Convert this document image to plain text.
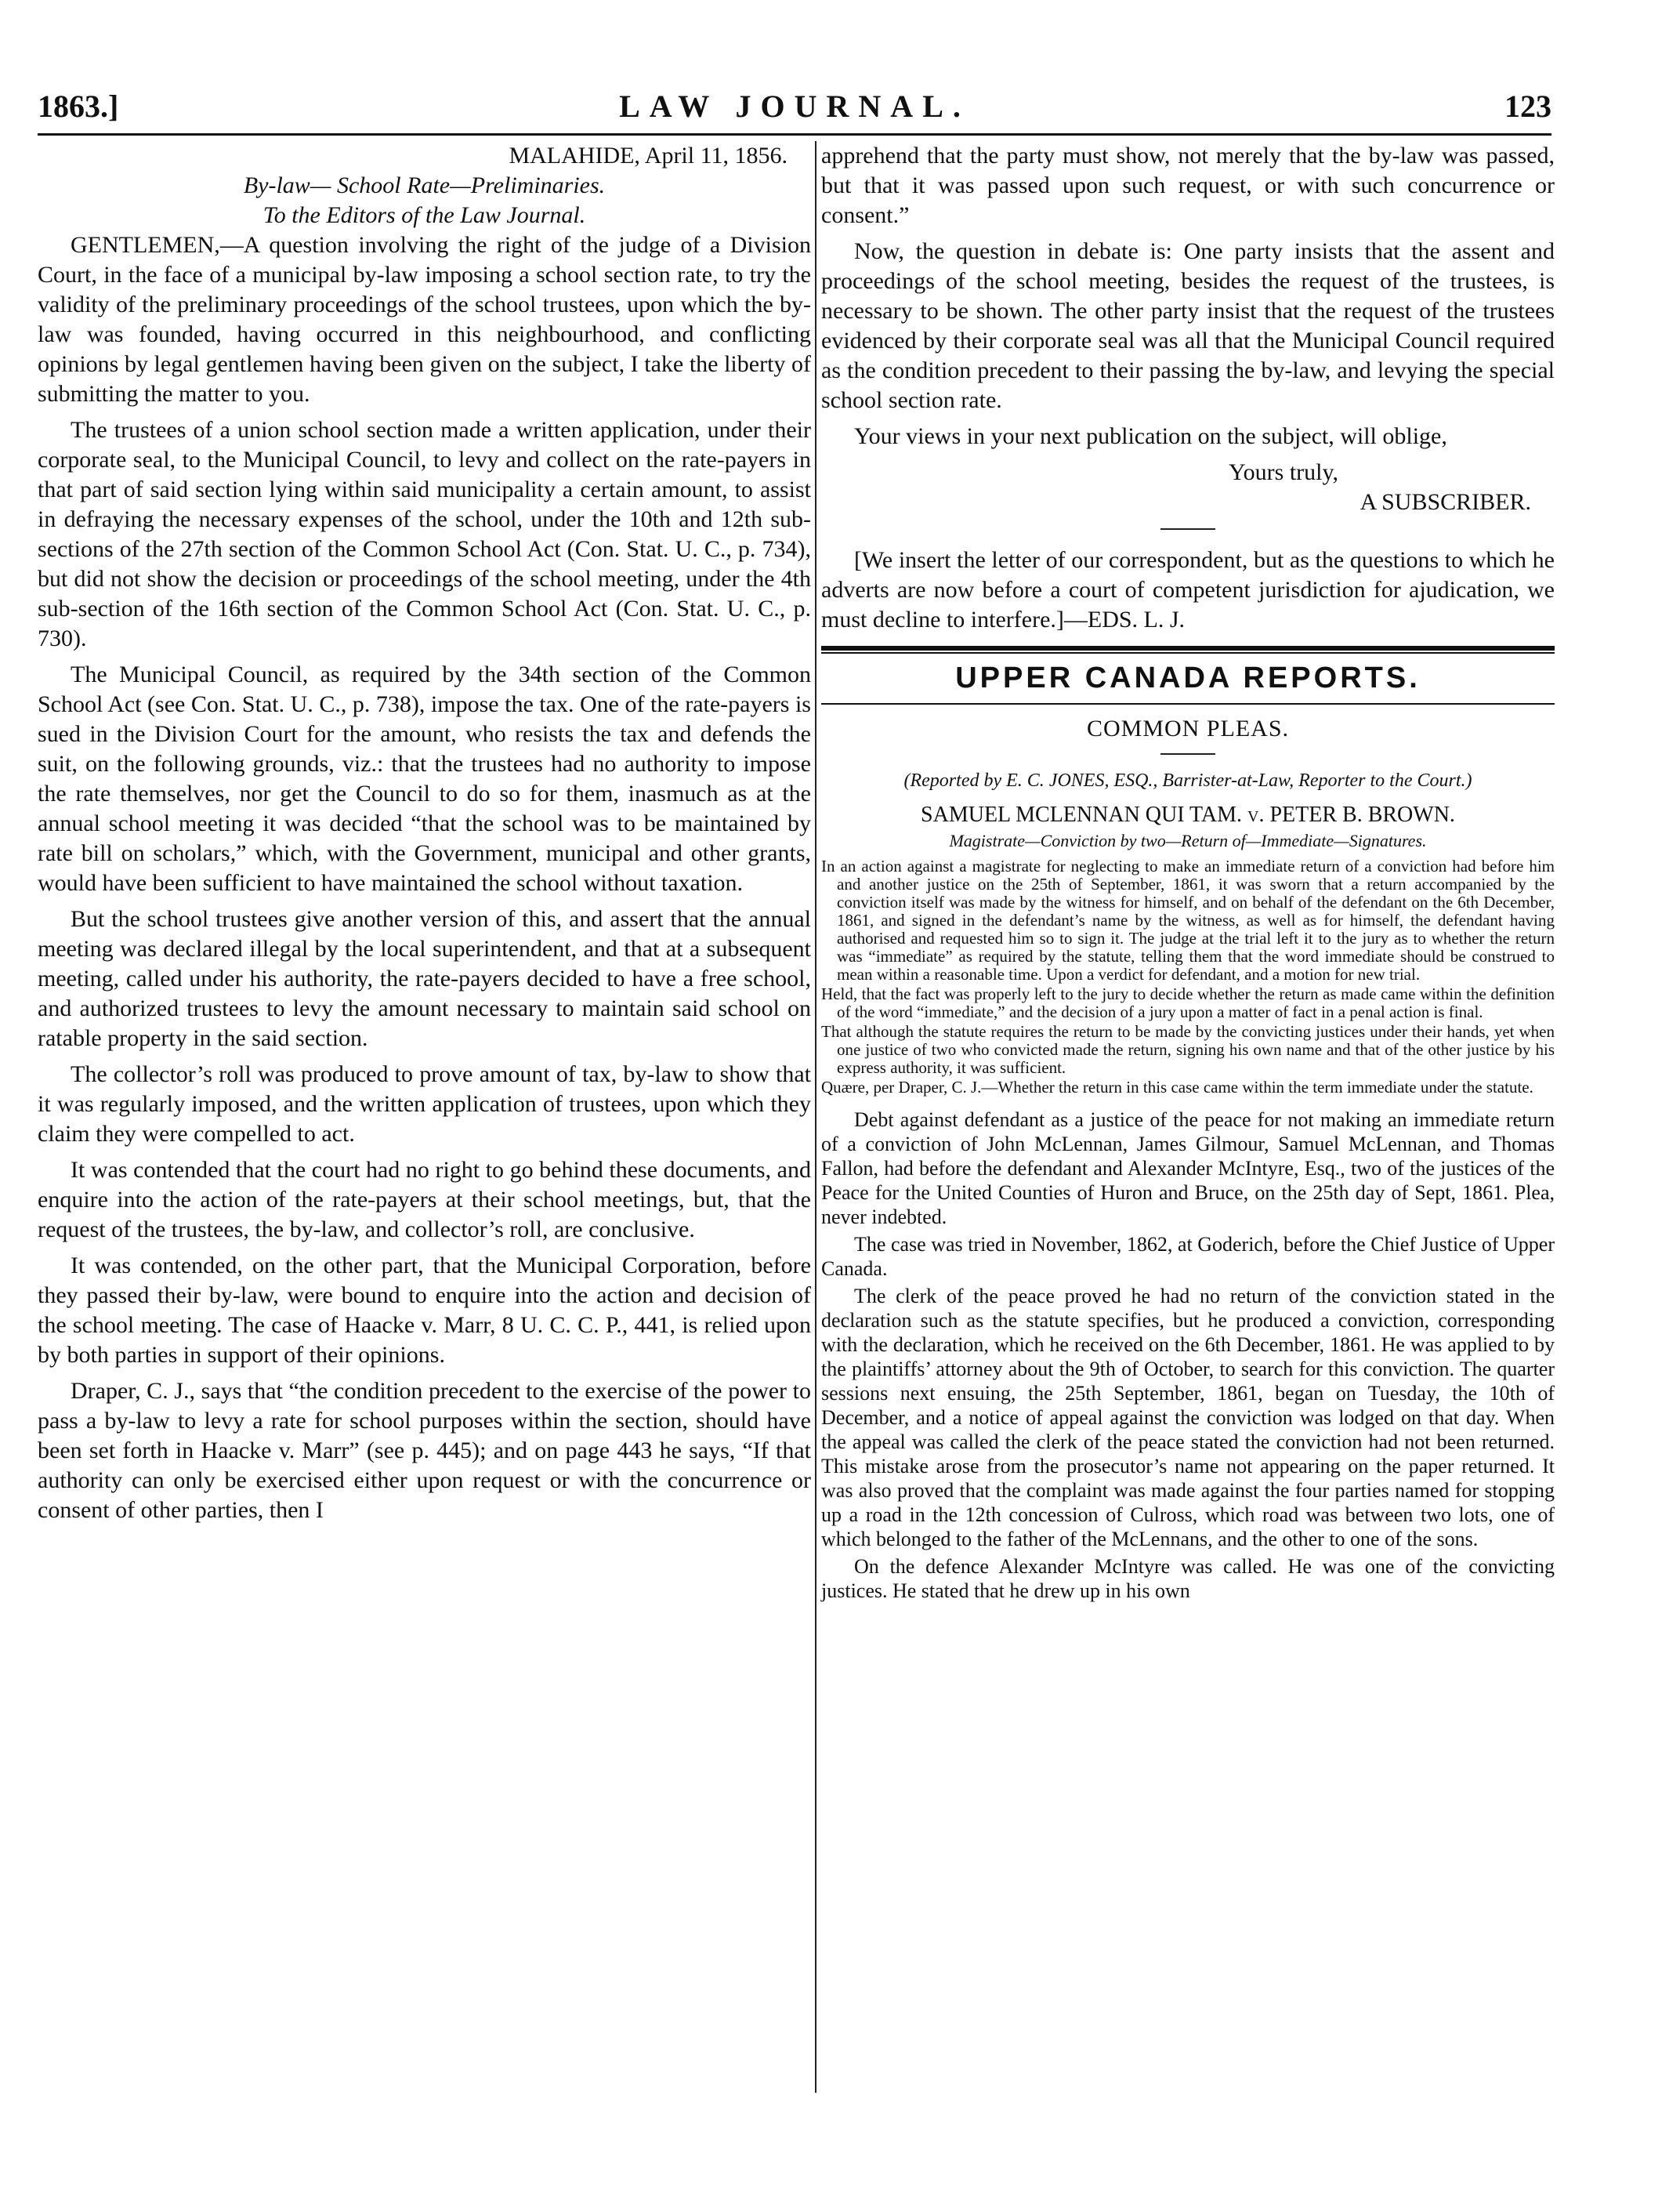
1863.]	LAW JOURNAL.	123
MALAHIDE, April 11, 1856.
By-law— School Rate—Preliminaries.
To the Editors of the Law Journal.

GENTLEMEN,—A question involving the right of the judge of a Division Court, in the face of a municipal by-law imposing a school section rate, to try the validity of the preliminary proceedings of the school trustees, upon which the by-law was founded, having occurred in this neighbourhood, and conflicting opinions by legal gentlemen having been given on the subject, I take the liberty of submitting the matter to you.

The trustees of a union school section made a written application, under their corporate seal, to the Municipal Council, to levy and collect on the rate-payers in that part of said section lying within said municipality a certain amount, to assist in defraying the necessary expenses of the school, under the 10th and 12th sub-sections of the 27th section of the Common School Act (Con. Stat. U. C., p. 734), but did not show the decision or proceedings of the school meeting, under the 4th sub-section of the 16th section of the Common School Act (Con. Stat. U. C., p. 730).

The Municipal Council, as required by the 34th section of the Common School Act (see Con. Stat. U. C., p. 738), impose the tax. One of the rate-payers is sued in the Division Court for the amount, who resists the tax and defends the suit, on the following grounds, viz.: that the trustees had no authority to impose the rate themselves, nor get the Council to do so for them, inasmuch as at the annual school meeting it was decided “that the school was to be maintained by rate bill on scholars,” which, with the Government, municipal and other grants, would have been sufficient to have maintained the school without taxation.

But the school trustees give another version of this, and assert that the annual meeting was declared illegal by the local superintendent, and that at a subsequent meeting, called under his authority, the rate-payers decided to have a free school, and authorized trustees to levy the amount necessary to maintain said school on ratable property in the said section.

The collector’s roll was produced to prove amount of tax, by-law to show that it was regularly imposed, and the written application of trustees, upon which they claim they were compelled to act.

It was contended that the court had no right to go behind these documents, and enquire into the action of the rate-payers at their school meetings, but, that the request of the trustees, the by-law, and collector’s roll, are conclusive.

It was contended, on the other part, that the Municipal Corporation, before they passed their by-law, were bound to enquire into the action and decision of the school meeting. The case of Haacke v. Marr, 8 U. C. C. P., 441, is relied upon by both parties in support of their opinions.

Draper, C. J., says that “the condition precedent to the exercise of the power to pass a by-law to levy a rate for school purposes within the section, should have been set forth in Haacke v. Marr” (see p. 445); and on page 443 he says, “If that authority can only be exercised either upon request or with the concurrence or consent of other parties, then I

apprehend that the party must show, not merely that the by-law was passed, but that it was passed upon such request, or with such concurrence or consent.”

Now, the question in debate is: One party insists that the assent and proceedings of the school meeting, besides the request of the trustees, is necessary to be shown. The other party insist that the request of the trustees evidenced by their corporate seal was all that the Municipal Council required as the condition precedent to their passing the by-law, and levying the special school section rate.

Your views in your next publication on the subject, will oblige,

Yours truly,
A SUBSCRIBER.

[We insert the letter of our correspondent, but as the questions to which he adverts are now before a court of competent jurisdiction for ajudication, we must decline to interfere.]—EDS. L. J.

UPPER CANADA REPORTS.
COMMON PLEAS.
(Reported by E. C. JONES, ESQ., Barrister-at-Law, Reporter to the Court.)
SAMUEL MCLENNAN QUI TAM. v. PETER B. BROWN.
Magistrate—Conviction by two—Return of—Immediate—Signatures.

In an action against a magistrate for neglecting to make an immediate return of a conviction had before him and another justice on the 25th of September, 1861, it was sworn that a return accompanied by the conviction itself was made by the witness for himself, and on behalf of the defendant on the 6th December, 1861, and signed in the defendant’s name by the witness, as well as for himself, the defendant having authorised and requested him so to sign it. The judge at the trial left it to the jury as to whether the return was “immediate” as required by the statute, telling them that the word immediate should be construed to mean within a reasonable time. Upon a verdict for defendant, and a motion for new trial.

Held, that the fact was properly left to the jury to decide whether the return as made came within the definition of the word “immediate,” and the decision of a jury upon a matter of fact in a penal action is final.

That although the statute requires the return to be made by the convicting justices under their hands, yet when one justice of two who convicted made the return, signing his own name and that of the other justice by his express authority, it was sufficient.

Quære, per Draper, C. J.—Whether the return in this case came within the term immediate under the statute.

Debt against defendant as a justice of the peace for not making an immediate return of a conviction of John McLennan, James Gilmour, Samuel McLennan, and Thomas Fallon, had before the defendant and Alexander McIntyre, Esq., two of the justices of the Peace for the United Counties of Huron and Bruce, on the 25th day of Sept, 1861. Plea, never indebted.

The case was tried in November, 1862, at Goderich, before the Chief Justice of Upper Canada.

The clerk of the peace proved he had no return of the conviction stated in the declaration such as the statute specifies, but he produced a conviction, corresponding with the declaration, which he received on the 6th December, 1861. He was applied to by the plaintiffs’ attorney about the 9th of October, to search for this conviction. The quarter sessions next ensuing, the 25th September, 1861, began on Tuesday, the 10th of December, and a notice of appeal against the conviction was lodged on that day. When the appeal was called the clerk of the peace stated the conviction had not been returned. This mistake arose from the prosecutor’s name not appearing on the paper returned. It was also proved that the complaint was made against the four parties named for stopping up a road in the 12th concession of Culross, which road was between two lots, one of which belonged to the father of the McLennans, and the other to one of the sons.

On the defence Alexander McIntyre was called. He was one of the convicting justices. He stated that he drew up in his own
